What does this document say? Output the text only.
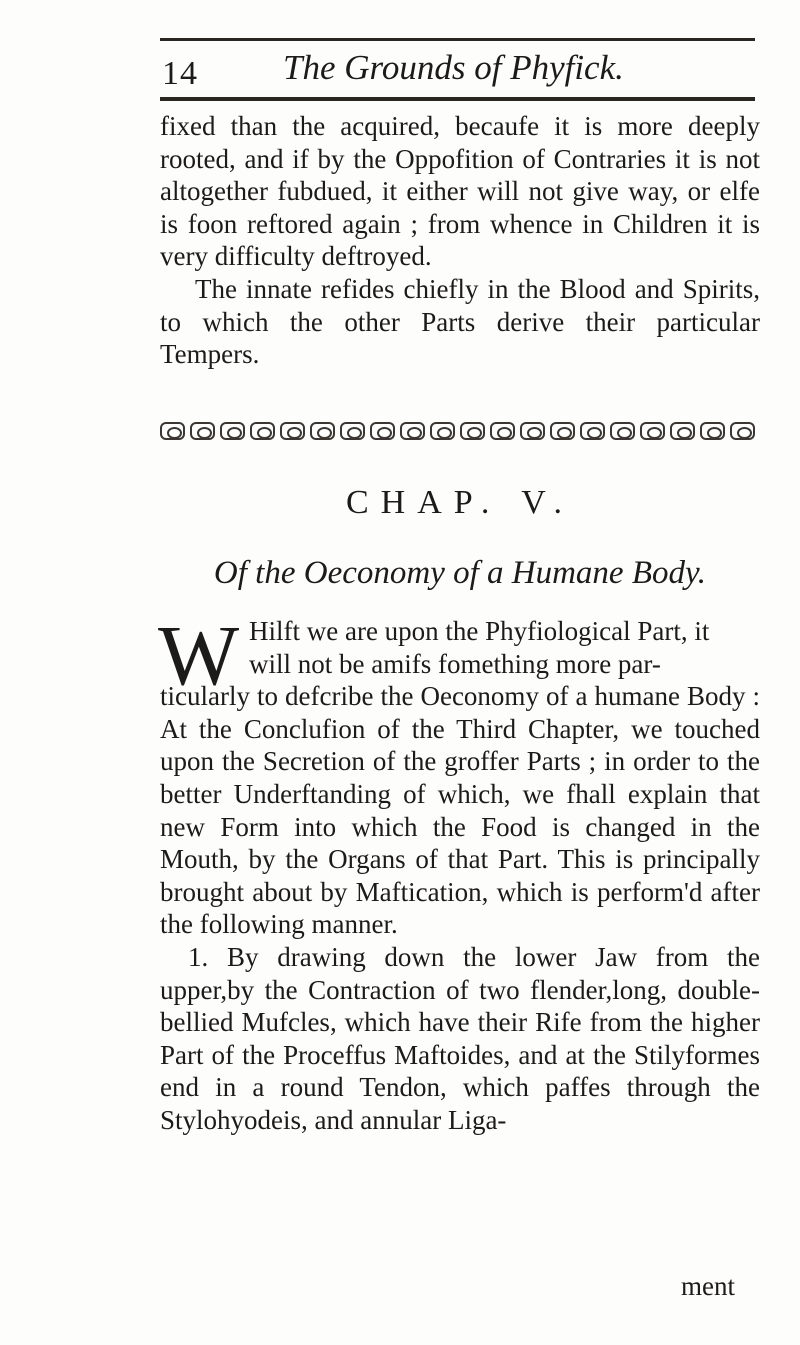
14 The Grounds of Phyfick.

fixed than the acquired, becaufe it is more deeply rooted, and if by the Oppofition of Contraries it is not altogether fubdued, it either will not give way, or elfe is foon reftored again ; from whence in Children it is very difficulty deftroyed.

The innate refides chiefly in the Blood and Spirits, to which the other Parts derive their particular Tempers.

CHAP. V.
Of the Oeconomy of a Humane Body.
W Hilft we are upon the Phyfiological Part, it

will not be amifs fomething more par-

ticularly to defcribe the Oeconomy of a humane Body : At the Conclufion of the Third Chapter, we touched upon the Secretion of the groffer Parts ; in order to the better Underftanding of which, we fhall explain that new Form into which the Food is changed in the Mouth, by the Organs of that Part. This is principally brought about by Maftication, which is perform'd after the following manner.

1. By drawing down the lower Jaw from the upper,by the Contraction of two flender,long, double-bellied Mufcles, which have their Rife from the higher Part of the Proceffus Maftoides, and at the Stilyformes end in a round Tendon, which paffes through the Stylohyodeis, and annular Liga-

ment
